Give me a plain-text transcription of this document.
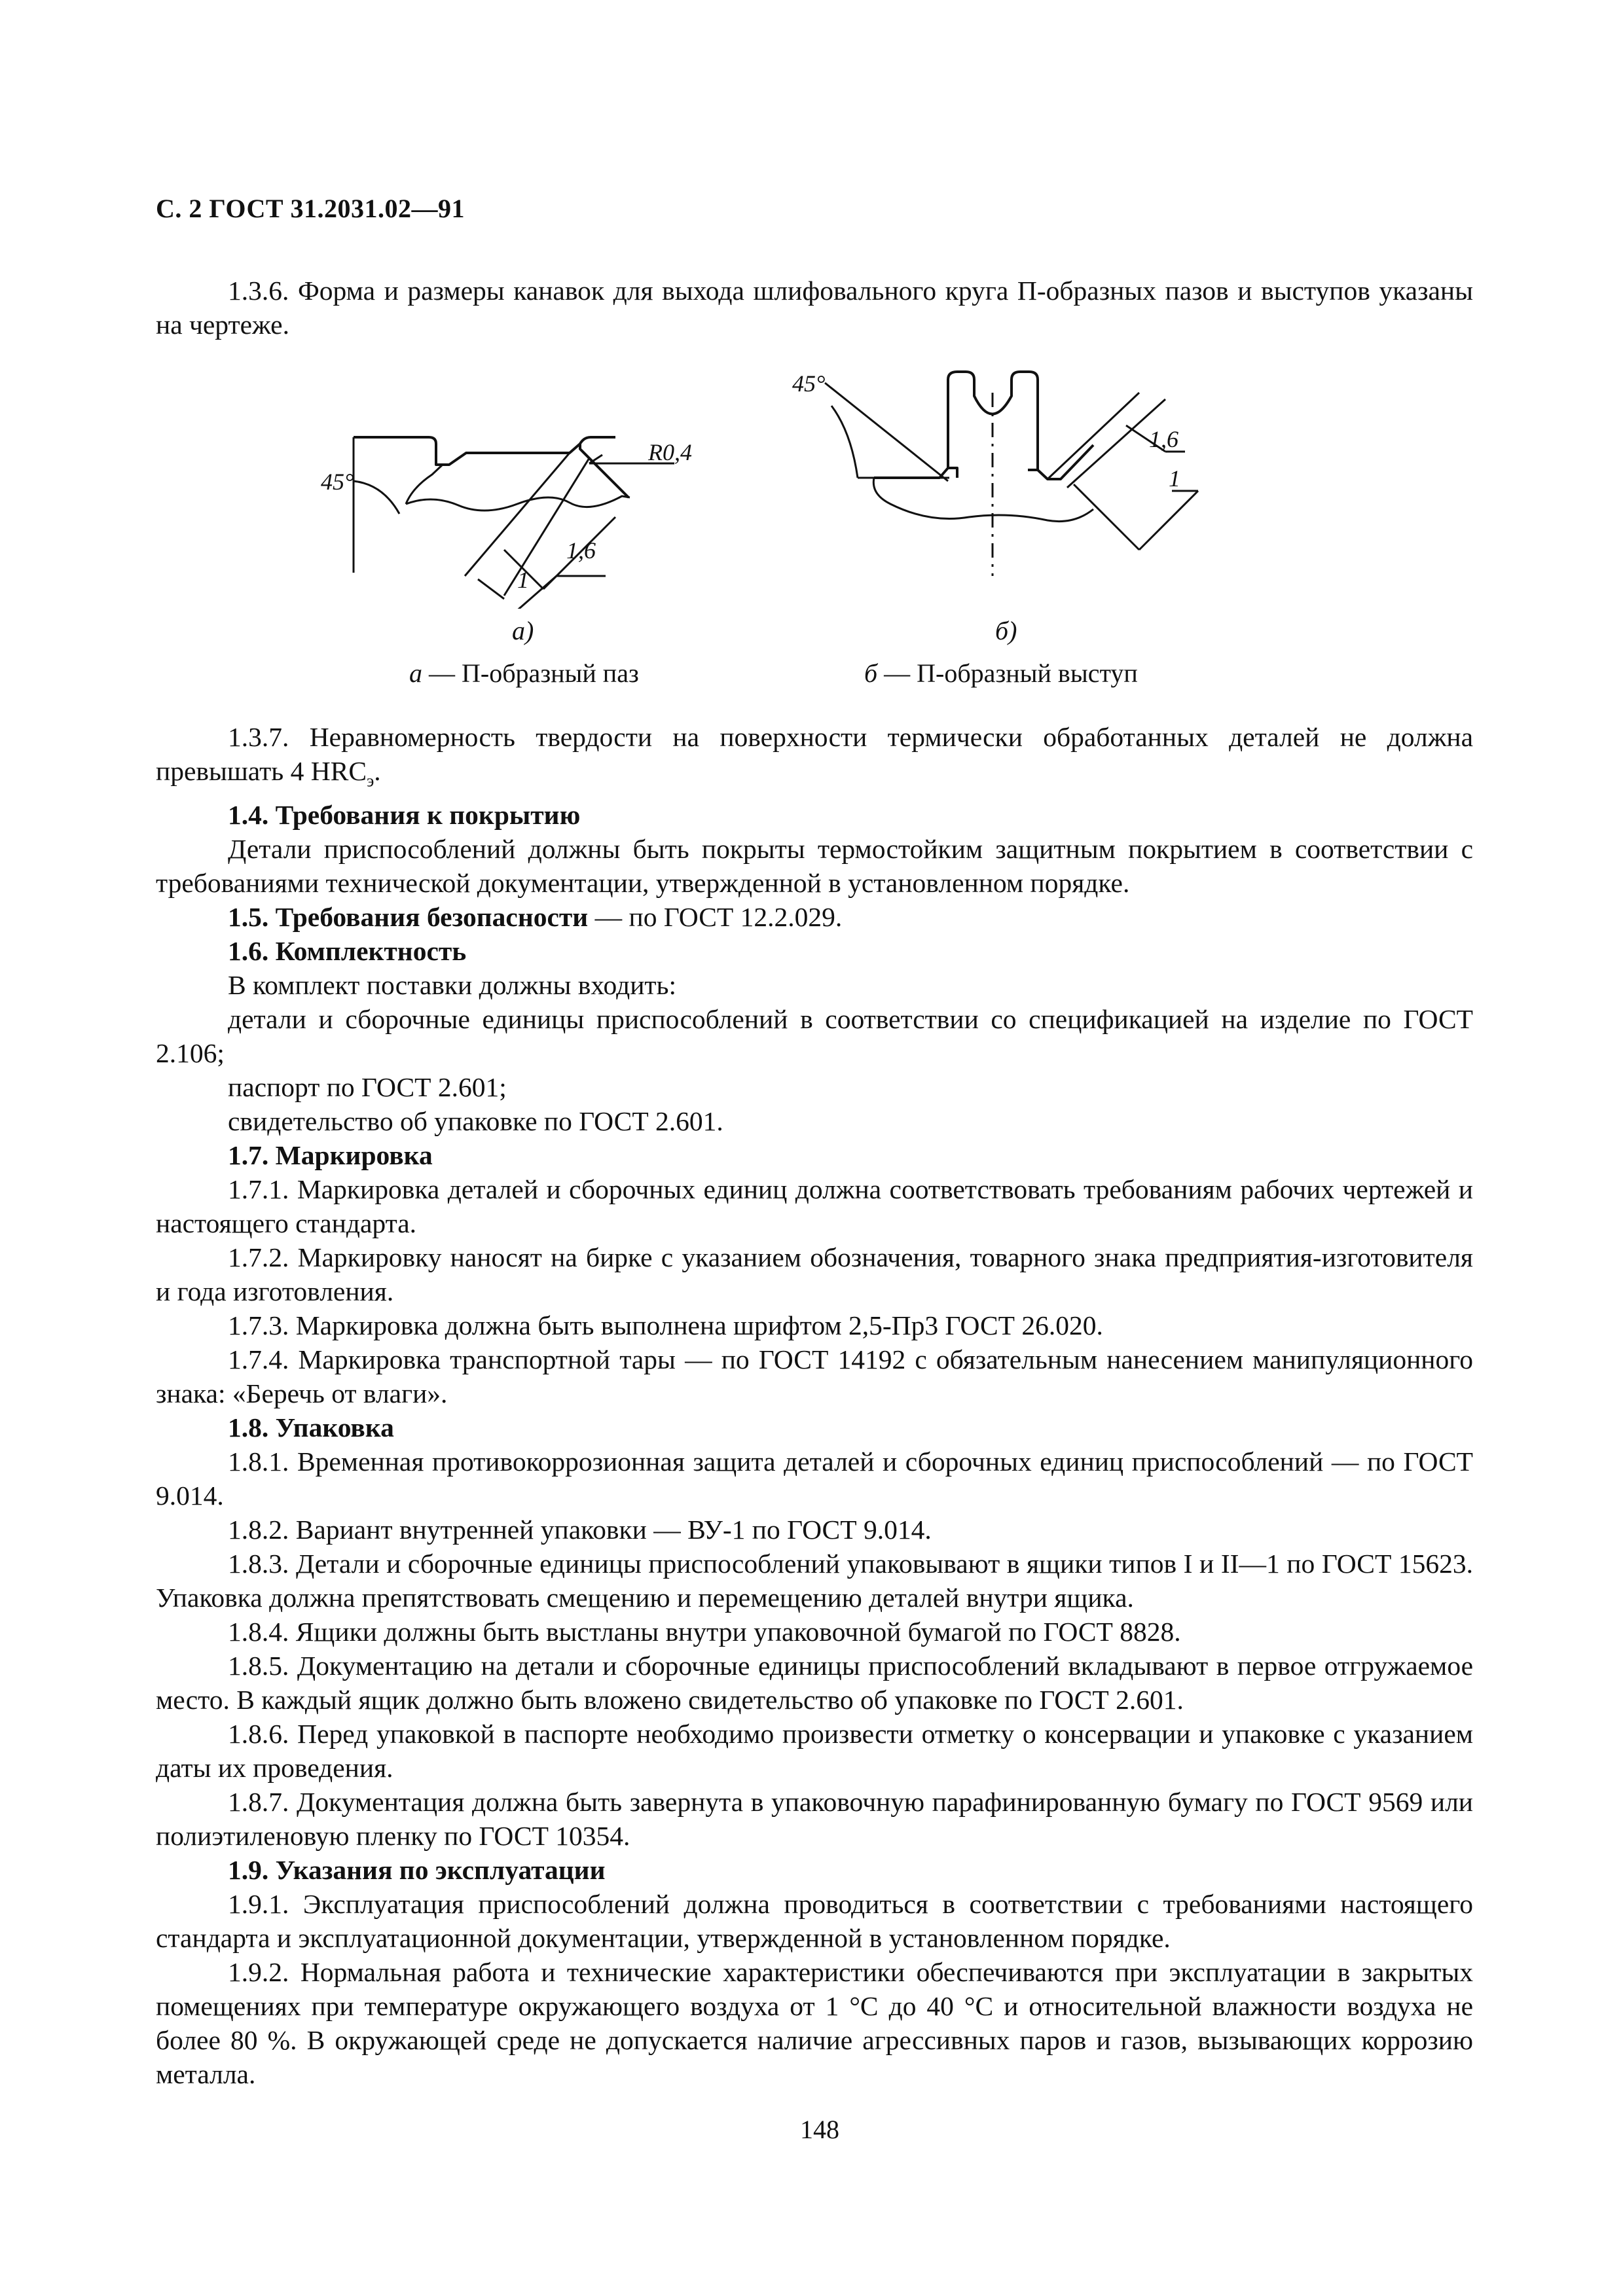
С. 2 ГОСТ 31.2031.02—91

1.3.6. Форма и размеры канавок для выхода шлифовального круга П-образных пазов и выступов указаны на чертеже.

45°
R0,4
1,6
1
а)
а — П-образный паз
45°
1,6
1
б)
б — П-образный выступ

1.3.7. Неравномерность твердости на поверхности термически обработанных деталей не должна превышать 4 $HRC_э$.

1.4. Требования к покрытию

Детали приспособлений должны быть покрыты термостойким защитным покрытием в соответствии с требованиями технической документации, утвержденной в установленном порядке.

1.5. Требования безопасности — по ГОСТ 12.2.029.

1.6. Комплектность

В комплект поставки должны входить:

детали и сборочные единицы приспособлений в соответствии со спецификацией на изделие по ГОСТ 2.106;

паспорт по ГОСТ 2.601;

свидетельство об упаковке по ГОСТ 2.601.

1.7. Маркировка

1.7.1. Маркировка деталей и сборочных единиц должна соответствовать требованиям рабочих чертежей и настоящего стандарта.

1.7.2. Маркировку наносят на бирке с указанием обозначения, товарного знака предприятия-изготовителя и года изготовления.

1.7.3. Маркировка должна быть выполнена шрифтом 2,5-Пр3 ГОСТ 26.020.

1.7.4. Маркировка транспортной тары — по ГОСТ 14192 с обязательным нанесением манипуляционного знака: «Беречь от влаги».

1.8. Упаковка

1.8.1. Временная противокоррозионная защита деталей и сборочных единиц приспособлений — по ГОСТ 9.014.

1.8.2. Вариант внутренней упаковки — ВУ-1 по ГОСТ 9.014.

1.8.3. Детали и сборочные единицы приспособлений упаковывают в ящики типов I и II—1 по ГОСТ 15623. Упаковка должна препятствовать смещению и перемещению деталей внутри ящика.

1.8.4. Ящики должны быть выстланы внутри упаковочной бумагой по ГОСТ 8828.

1.8.5. Документацию на детали и сборочные единицы приспособлений вкладывают в первое отгружаемое место. В каждый ящик должно быть вложено свидетельство об упаковке по ГОСТ 2.601.

1.8.6. Перед упаковкой в паспорте необходимо произвести отметку о консервации и упаковке с указанием даты их проведения.

1.8.7. Документация должна быть завернута в упаковочную парафинированную бумагу по ГОСТ 9569 или полиэтиленовую пленку по ГОСТ 10354.

1.9. Указания по эксплуатации

1.9.1. Эксплуатация приспособлений должна проводиться в соответствии с требованиями настоящего стандарта и эксплуатационной документации, утвержденной в установленном порядке.

1.9.2. Нормальная работа и технические характеристики обеспечиваются при эксплуатации в закрытых помещениях при температуре окружающего воздуха от 1 °С до 40 °С и относительной влажности воздуха не более 80 %. В окружающей среде не допускается наличие агрессивных паров и газов, вызывающих коррозию металла.

148
